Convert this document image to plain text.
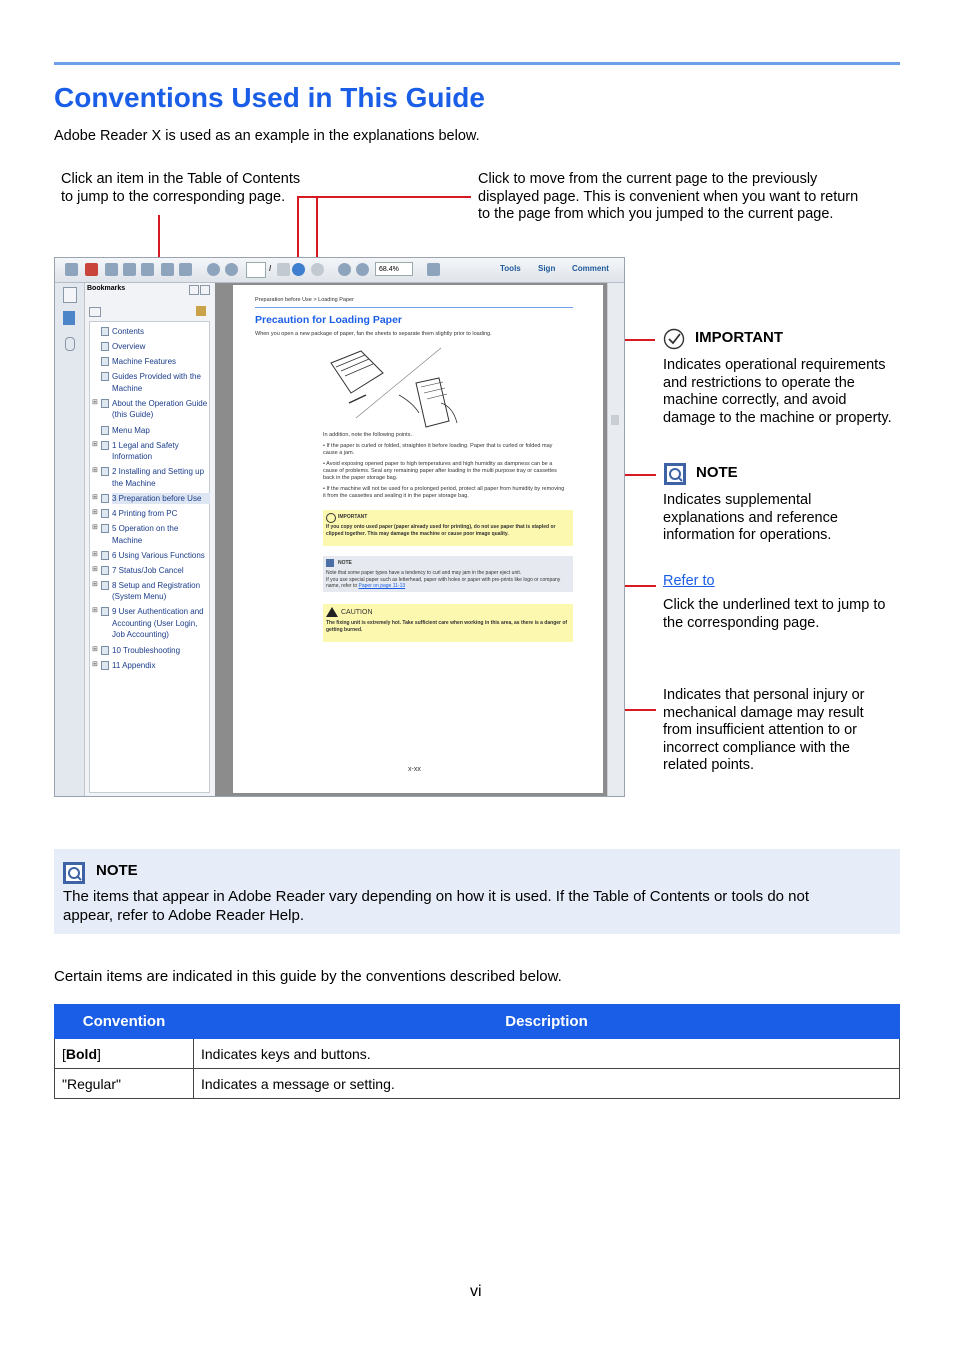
Conventions Used in This Guide
Adobe Reader X is used as an example in the explanations below.
Click an item in the Table of Contents
to jump to the corresponding page.
Click to move from the current page to the previously
displayed page. This is convenient when you want to return
to the page from which you jumped to the current page.
/	68.4%	Tools Sign Comment
Bookmarks
Contents
Overview
Machine Features
Guides Provided with the Machine
⊞ About the Operation Guide (this Guide)
Menu Map
⊞ 1 Legal and Safety Information
⊞ 2 Installing and Setting up the Machine
⊞ 3 Preparation before Use
⊞ 4 Printing from PC
⊞ 5 Operation on the Machine
⊞ 6 Using Various Functions
⊞ 7 Status/Job Cancel
⊞ 8 Setup and Registration (System Menu)
⊞ 9 User Authentication and Accounting (User Login, Job Accounting)
⊞ 10 Troubleshooting
⊞ 11 Appendix
Preparation before Use > Loading Paper
Precaution for Loading Paper
When you open a new package of paper, fan the sheets to separate them slightly prior to loading.
In addition, note the following points.
• If the paper is curled or folded, straighten it before loading. Paper that is curled or folded may cause a jam.
• Avoid exposing opened paper to high temperatures and high humidity as dampness can be a cause of problems. Seal any remaining paper after loading in the multi purpose tray or cassettes back in the paper storage bag.
• If the machine will not be used for a prolonged period, protect all paper from humidity by removing it from the cassettes and sealing it in the paper storage bag.
IMPORTANT
If you copy onto used paper (paper already used for printing), do not use paper that is stapled or clipped together. This may damage the machine or cause poor image quality.
NOTE
Note that some paper types have a tendency to curl and may jam in the paper eject unit.
If you use special paper such as letterhead, paper with holes or paper with pre-prints like logo or company name, refer to Paper on page 11-13
CAUTION
The fixing unit is extremely hot. Take sufficient care when working in this area, as there is a danger of getting burned.
x-xx
IMPORTANT
Indicates operational requirements
and restrictions to operate the
machine correctly, and avoid
damage to the machine or property.
NOTE
Indicates supplemental
explanations and reference
information for operations.
Refer to
Click the underlined text to jump to
the corresponding page.
Indicates that personal injury or
mechanical damage may result
from insufficient attention to or
incorrect compliance with the
related points.
NOTE
The items that appear in Adobe Reader vary depending on how it is used. If the Table of Contents or tools do not
appear, refer to Adobe Reader Help.
Certain items are indicated in this guide by the conventions described below.
Convention	Description
[Bold]	Indicates keys and buttons.
"Regular"	Indicates a message or setting.
vi
